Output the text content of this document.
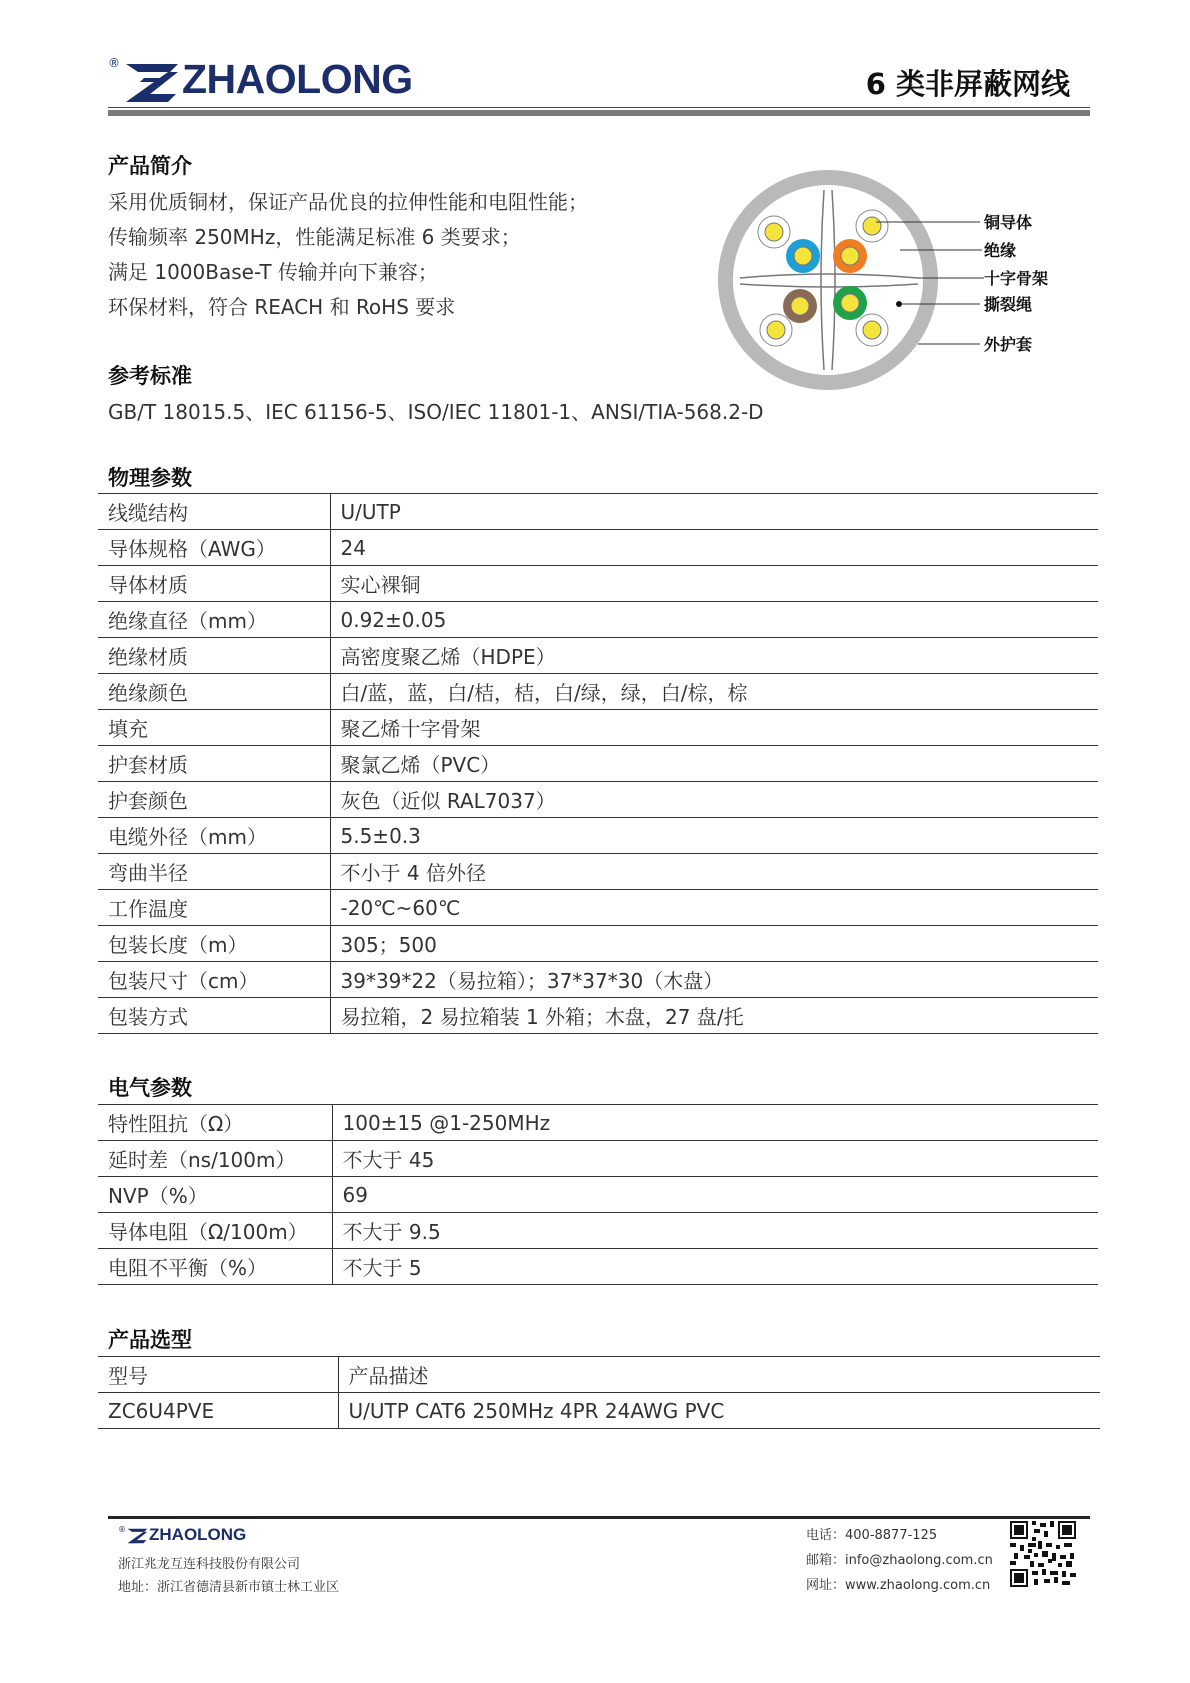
® ZHAOLONG	6 类非屏蔽网线
产品简介
采用优质铜材，保证产品优良的拉伸性能和电阻性能；
传输频率 250MHz，性能满足标准 6 类要求；
满足 1000Base-T 传输并向下兼容；
环保材料，符合 REACH 和 RoHS 要求
铜导体
绝缘
十字骨架
撕裂绳
外护套
参考标准
GB/T 18015.5、IEC 61156-5、ISO/IEC 11801-1、ANSI/TIA-568.2-D
物理参数
线缆结构	U/UTP
导体规格（AWG）	24
导体材质	实心裸铜
绝缘直径（mm）	0.92±0.05
绝缘材质	高密度聚乙烯（HDPE）
绝缘颜色	白/蓝，蓝，白/桔，桔，白/绿，绿，白/棕，棕
填充	聚乙烯十字骨架
护套材质	聚氯乙烯（PVC）
护套颜色	灰色（近似 RAL7037）
电缆外径（mm）	5.5±0.3
弯曲半径	不小于 4 倍外径
工作温度	-20℃~60℃
包装长度（m）	305；500
包装尺寸（cm）	39*39*22（易拉箱）；37*37*30（木盘）
包装方式	易拉箱，2 易拉箱装 1 外箱；木盘，27 盘/托
电气参数
特性阻抗（Ω）	100±15 @1-250MHz
延时差（ns/100m）	不大于 45
NVP（%）	69
导体电阻（Ω/100m）	不大于 9.5
电阻不平衡（%）	不大于 5
产品选型
型号	产品描述
ZC6U4PVE	U/UTP CAT6 250MHz 4PR 24AWG PVC
® ZHAOLONG
浙江兆龙互连科技股份有限公司
地址：浙江省德清县新市镇士林工业区
电话：400-8877-125
邮箱：info@zhaolong.com.cn
网址：www.zhaolong.com.cn
